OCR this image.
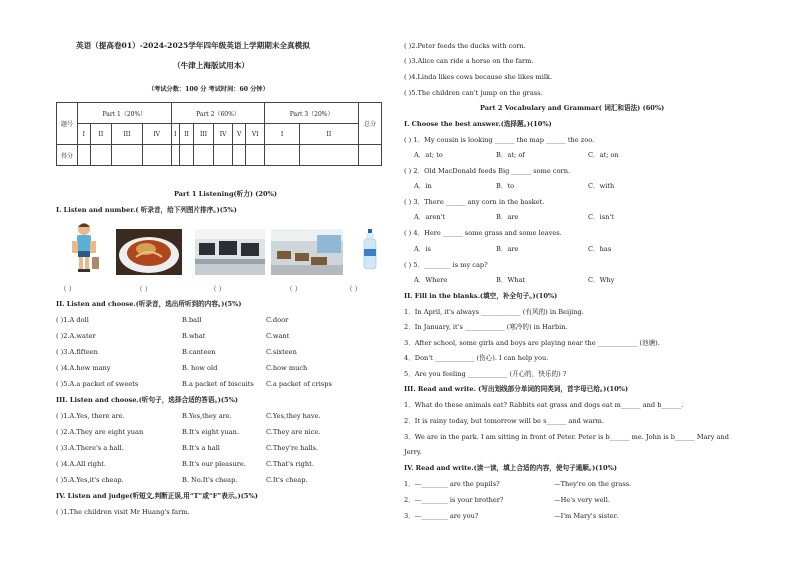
英语（提高卷01）-2024-2025学年四年级英语上学期期末全真模拟
（牛津上海版试用本）
（考试分数：100 分 考试时间：60 分钟）
题号	Part 1（20%）				Part 2（60%）						Part 3（20%）		总分
	I	II	III	IV	I	II	III	IV	V	VI	I	II	
得分													
Part 1 Listening(听力) (20%)
I. Listen and number.( 听录音，给下列图片排序。)(5%)
（ ）	（ ）	（ ）	（ ）	（ ）
II. Listen and choose.(听录音，选出所听到的内容。)(5%)
( )1.A doll	B.ball	C.door
( )2.A.water	B.what	C.want
( )3.A.fifteen	B.canteen	C.sixteen
( )4.A.how many	B. how old	C.how much
( )5.A.a packet of sweets	B.a packet of biscuits C.a packet of crisps
III. Listen and choose.(听句子，选择合适的答语。)(5%)
( )1.A.Yes, there are.	B.Yes,they are.	C.Yes,they have.
( )2.A.They are eight yuan	B.It's eight yuan.	C.They are nice.
( )3.A.There's a hall.	B.It's a hall	C.They're halls.
( )4.A.All right.	B.It's our pleasure.	C.That's right.
( )5.A.Yes,it's cheap.	B. No.It's cheap.	C.It's cheap.
IV. Listen and judge(听短文,判断正误,用“T”或“F”表示。)(5%)
( )1.The children visit Mr Huang's farm.
( )2.Peter feeds the ducks with corn.
( )3.Alice can ride a horse on the farm.
( )4.Linda likes cows because she likes milk.
( )5.The children can't jump on the grass.
Part 2 Vocabulary and Grammar( 词汇和语法) (60%)
I. Choose the best answer.(选择题。)(10%)
( ) 1．My cousin is looking ______ the map ______ the zoo.
A．at; to	B．at; of	C．at; on
( ) 2．Old MacDonald feeds Big ______ some corn.
A．in	B．to	C．with
( ) 3．There ______ any corn in the basket.
A．aren't	B．are	C．isn't
( ) 4．Here ______ some grass and some leaves.
A．is	B．are	C．has
( ) 5．________ is my cap?
A．Where	B．What	C．Why
II. Fill in the blanks.(填空，补全句子。)(10%)
1．In April, it's always ____________ (有风的) in Beijing.
2．In January, it's ____________ (寒冷的) in Harbin.
3．After school, some girls and boys are playing near the ____________ (池塘).
4．Don't ____________ (伤心). I can help you.
5．Are you feeling ____________ (开心的，快乐的) ?
III. Read and write. (写出划线部分单词的同类词，首字母已给。)(10%)
1．What do these animals eat? Rabbits eat grass and dogs eat m______ and b______.
2．It is rainy today, but tomorrow will be s______ and warm.
3．We are in the park. I am sitting in front of Peter. Peter is b______ me. John is b______ Mary and
Jerry.
IV. Read and write.(读一读，填上合适的内容，使句子通顺。)(10%)
1．—________ are the pupils?	—They're on the grass.
2．—________ is your brother?	—He's very well.
3．—________ are you?	—I'm Mary's sister.
